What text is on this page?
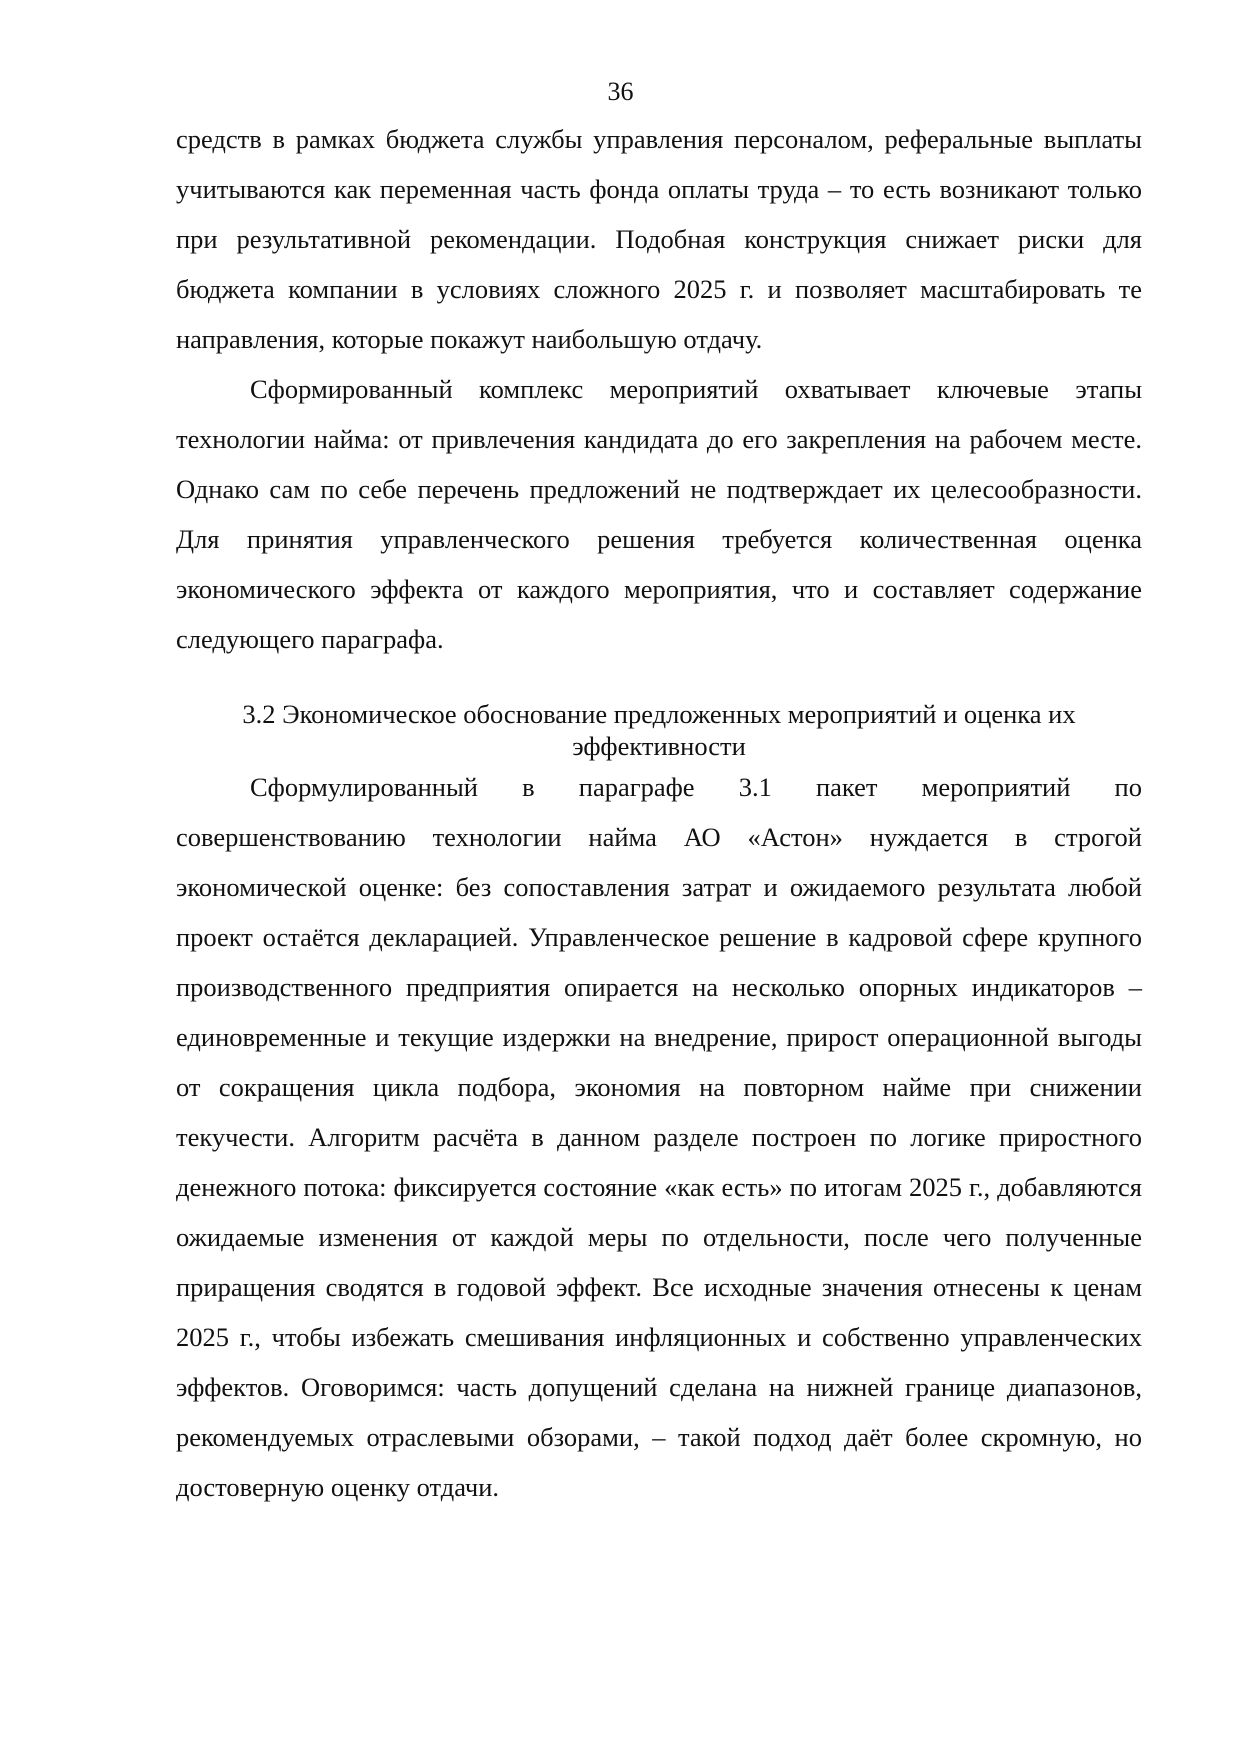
36

средств в рамках бюджета службы управления персоналом, реферальные выплаты учитываются как переменная часть фонда оплаты труда – то есть возникают только при результативной рекомендации. Подобная конструкция снижает риски для бюджета компании в условиях сложного 2025 г. и позволяет масштабировать те направления, которые покажут наибольшую отдачу.

Сформированный комплекс мероприятий охватывает ключевые этапы технологии найма: от привлечения кандидата до его закрепления на рабочем месте. Однако сам по себе перечень предложений не подтверждает их целесообразности. Для принятия управленческого решения требуется количественная оценка экономического эффекта от каждого мероприятия, что и составляет содержание следующего параграфа.

3.2 Экономическое обоснование предложенных мероприятий и оценка их
эффективности

Сформулированный в параграфе 3.1 пакет мероприятий по совершенствованию технологии найма АО «Астон» нуждается в строгой экономической оценке: без сопоставления затрат и ожидаемого результата любой проект остаётся декларацией. Управленческое решение в кадровой сфере крупного производственного предприятия опирается на несколько опорных индикаторов – единовременные и текущие издержки на внедрение, прирост операционной выгоды от сокращения цикла подбора, экономия на повторном найме при снижении текучести. Алгоритм расчёта в данном разделе построен по логике приростного денежного потока: фиксируется состояние «как есть» по итогам 2025 г., добавляются ожидаемые изменения от каждой меры по отдельности, после чего полученные приращения сводятся в годовой эффект. Все исходные значения отнесены к ценам 2025 г., чтобы избежать смешивания инфляционных и собственно управленческих эффектов. Оговоримся: часть допущений сделана на нижней границе диапазонов, рекомендуемых отраслевыми обзорами, – такой подход даёт более скромную, но достоверную оценку отдачи.
